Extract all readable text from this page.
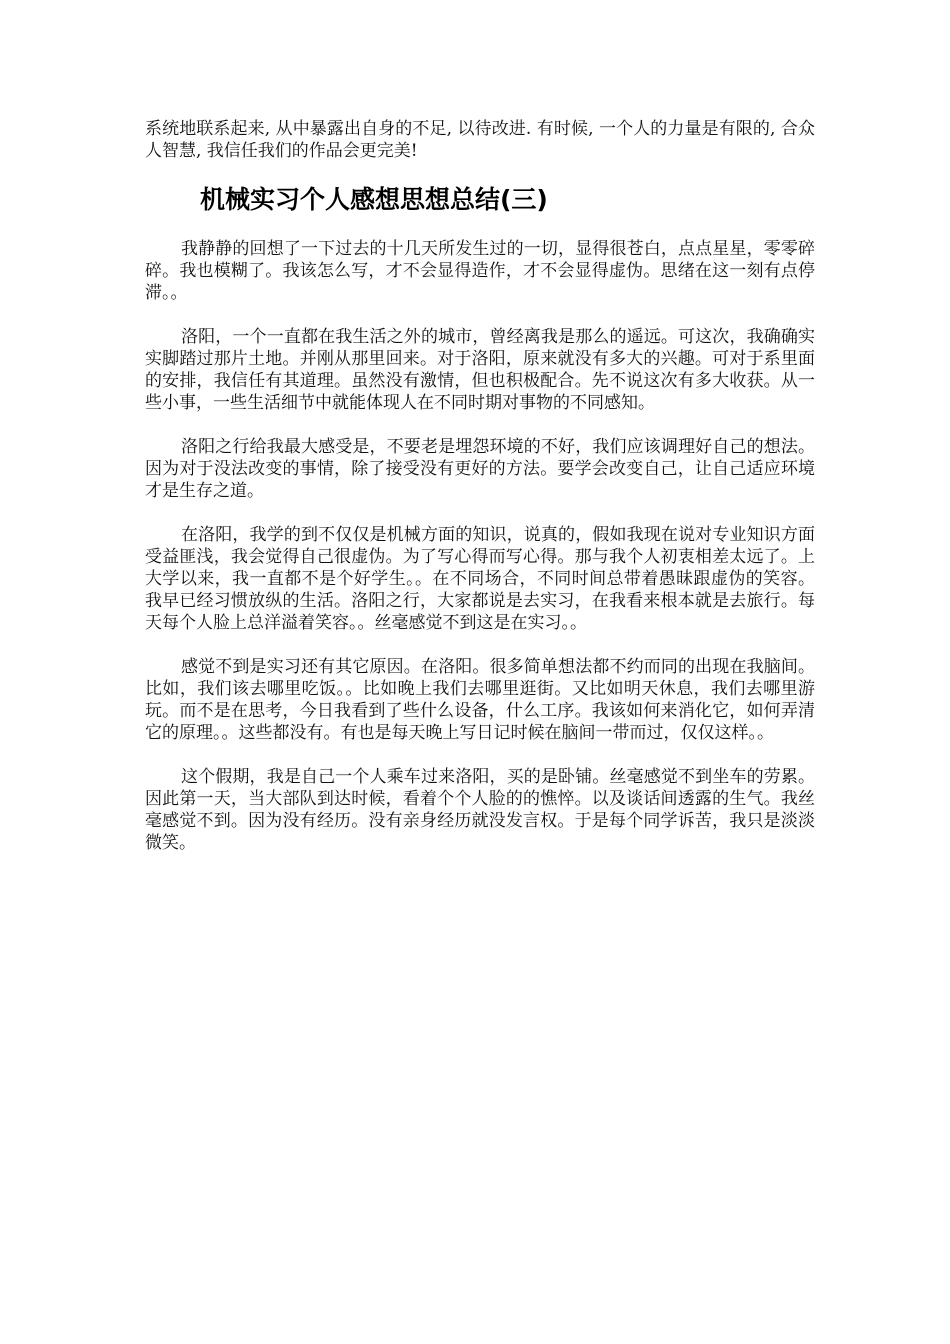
系统地联系起来, 从中暴露出自身的不足, 以待改进. 有时候, 一个人的力量是有限的, 合众人智慧, 我信任我们的作品会更完美!
机械实习个人感想思想总结(三)

我静静的回想了一下过去的十几天所发生过的一切，显得很苍白，点点星星，零零碎碎。我也模糊了。我该怎么写，才不会显得造作，才不会显得虚伪。思绪在这一刻有点停滞。。

洛阳，一个一直都在我生活之外的城市，曾经离我是那么的遥远。可这次，我确确实实脚踏过那片土地。并刚从那里回来。对于洛阳，原来就没有多大的兴趣。可对于系里面的安排，我信任有其道理。虽然没有激情，但也积极配合。先不说这次有多大收获。从一些小事，一些生活细节中就能体现人在不同时期对事物的不同感知。

洛阳之行给我最大感受是，不要老是埋怨环境的不好，我们应该调理好自己的想法。因为对于没法改变的事情，除了接受没有更好的方法。要学会改变自己，让自己适应环境才是生存之道。

在洛阳，我学的到不仅仅是机械方面的知识，说真的，假如我现在说对专业知识方面受益匪浅，我会觉得自己很虚伪。为了写心得而写心得。那与我个人初衷相差太远了。上大学以来，我一直都不是个好学生。。在不同场合，不同时间总带着愚昧跟虚伪的笑容。我早已经习惯放纵的生活。洛阳之行，大家都说是去实习，在我看来根本就是去旅行。每天每个人脸上总洋溢着笑容。。丝毫感觉不到这是在实习。。

感觉不到是实习还有其它原因。在洛阳。很多简单想法都不约而同的出现在我脑间。比如，我们该去哪里吃饭。。比如晚上我们去哪里逛街。又比如明天休息，我们去哪里游玩。而不是在思考，今日我看到了些什么设备，什么工序。我该如何来消化它，如何弄清它的原理。。这些都没有。有也是每天晚上写日记时候在脑间一带而过，仅仅这样。。

这个假期，我是自己一个人乘车过来洛阳，买的是卧铺。丝毫感觉不到坐车的劳累。因此第一天，当大部队到达时候，看着个个人脸的的憔悴。以及谈话间透露的生气。我丝毫感觉不到。因为没有经历。没有亲身经历就没发言权。于是每个同学诉苦，我只是淡淡微笑。
